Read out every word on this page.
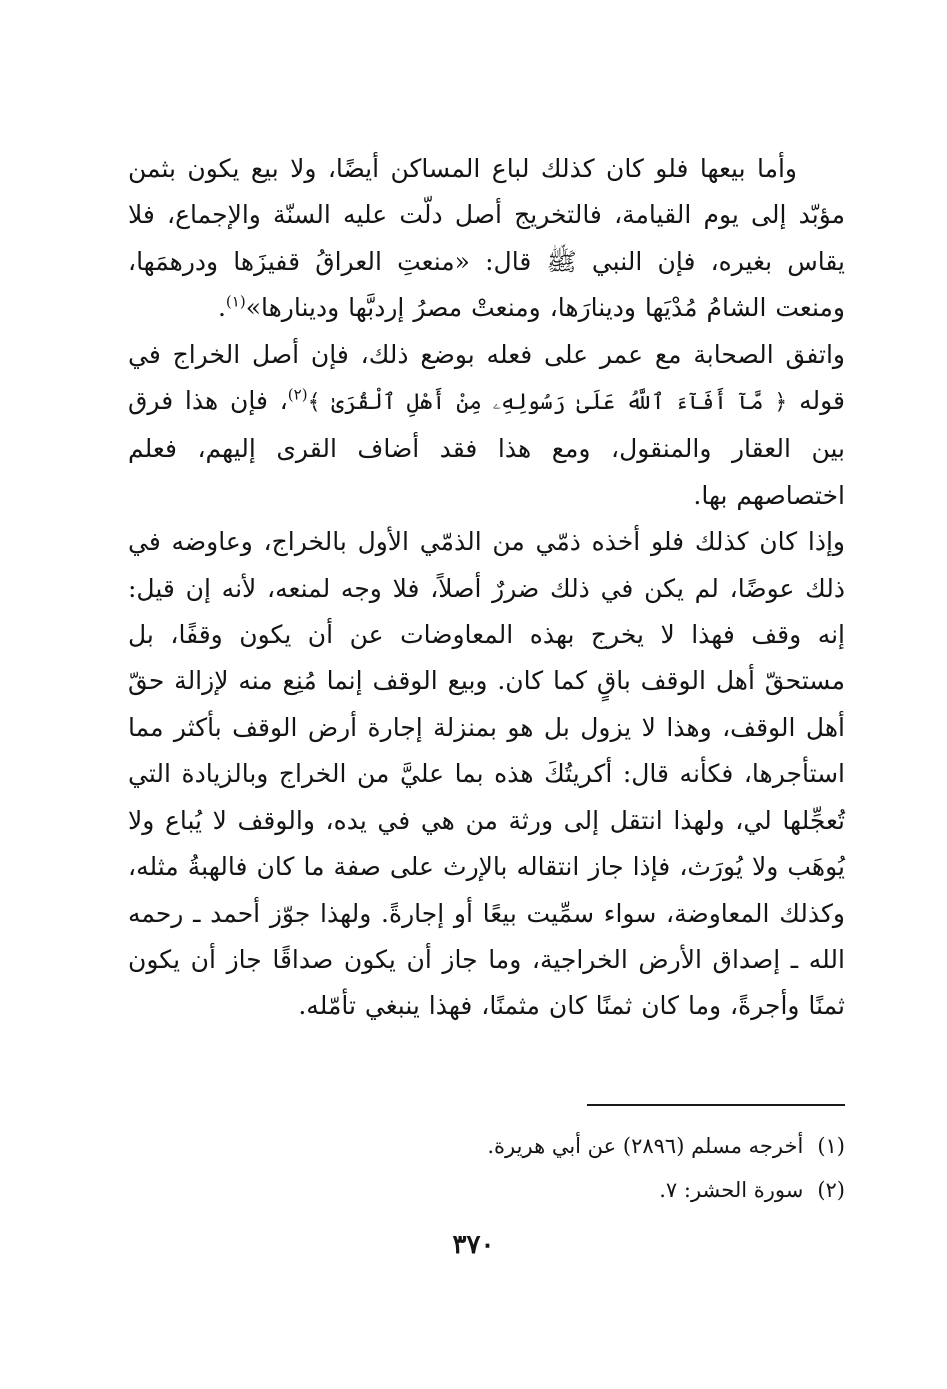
وأما بيعها فلو كان كذلك لباع المساكن أيضًا، ولا بيع يكون بثمن مؤبّد إلى يوم القيامة، فالتخريج أصل دلّت عليه السنّة والإجماع، فلا يقاس بغيره، فإن النبي ﷺ قال: «منعتِ العراقُ قفيزَها ودرهمَها، ومنعت الشامُ مُدْيَها ودينارَها، ومنعتْ مصرُ إردبَّها ودينارها»$^{(١)}$.
واتفق الصحابة مع عمر على فعله بوضع ذلك، فإن أصل الخراج في قوله ﴿ مَّآ أَفَآءَ ٱللَّهُ عَلَىٰ رَسُولِهِۦ مِنْ أَهْلِ ٱلْقُرَىٰ ﴾$^{(٢)}$، فإن هذا فرق بين العقار والمنقول، ومع هذا فقد أضاف القرى إليهم، فعلم اختصاصهم بها.
وإذا كان كذلك فلو أخذه ذمّي من الذمّي الأول بالخراج، وعاوضه في ذلك عوضًا، لم يكن في ذلك ضررٌ أصلاً، فلا وجه لمنعه، لأنه إن قيل: إنه وقف فهذا لا يخرج بهذه المعاوضات عن أن يكون وقفًا، بل مستحقّ أهل الوقف باقٍ كما كان. وبيع الوقف إنما مُنِع منه لإزالة حقّ أهل الوقف، وهذا لا يزول بل هو بمنزلة إجارة أرض الوقف بأكثر مما استأجرها، فكأنه قال: أكريتُكَ هذه بما عليَّ من الخراج وبالزيادة التي تُعجِّلها لي، ولهذا انتقل إلى ورثة من هي في يده، والوقف لا يُباع ولا يُوهَب ولا يُورَث، فإذا جاز انتقاله بالإرث على صفة ما كان فالهبةُ مثله، وكذلك المعاوضة، سواء سمِّيت بيعًا أو إجارةً. ولهذا جوّز أحمد ـ رحمه الله ـ إصداق الأرض الخراجية، وما جاز أن يكون صداقًا جاز أن يكون ثمنًا وأجرةً، وما كان ثمنًا كان مثمنًا، فهذا ينبغي تأمّله.
(١)أخرجه مسلم (٢٨٩٦) عن أبي هريرة.
(٢)سورة الحشر: ٧.
٣٧٠
